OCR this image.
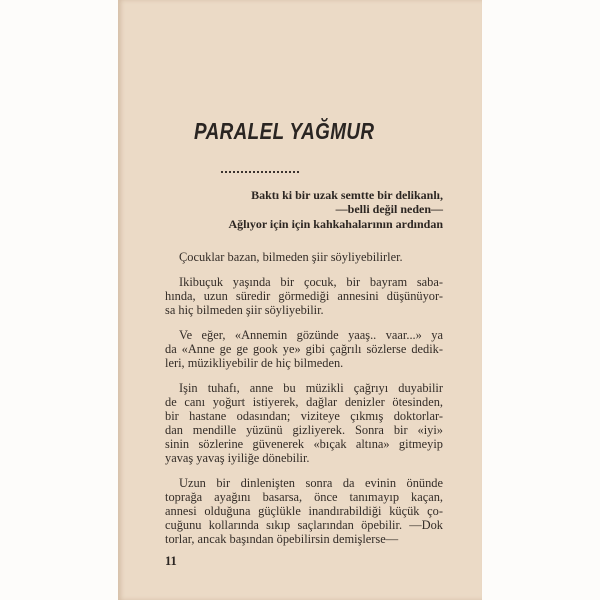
PARALEL YAĞMUR
Baktı ki bir uzak semtte bir delikanlı,
—belli değil neden—
Ağlıyor için için kahkahalarının ardından
Çocuklar bazan, bilmeden şiir söyliyebilirler.
Ikibuçuk yaşında bir çocuk, bir bayram saba-
hında, uzun süredir görmediği annesini düşünüyor-
sa hiç bilmeden şiir söyliyebilir.
Ve eğer, «Annemin gözünde yaaş.. vaar...» ya
da «Anne ge ge gook ye» gibi çağrılı sözlerse dedik-
leri, müzikliyebilir de hiç bilmeden.
Işin tuhafı, anne bu müzikli çağrıyı duyabilir
de canı yoğurt istiyerek, dağlar denizler ötesinden,
bir hastane odasından; viziteye çıkmış doktorlar-
dan mendille yüzünü gizliyerek. Sonra bir «iyi»
sinin sözlerine güvenerek «bıçak altına» gitmeyip
yavaş yavaş iyiliğe dönebilir.
Uzun bir dinlenişten sonra da evinin önünde
toprağa ayağını basarsa, önce tanımayıp kaçan,
annesi olduğuna güçlükle inandırabildiği küçük ço-
cuğunu kollarında sıkıp saçlarından öpebilir. —Dok
torlar, ancak başından öpebilirsin demişlerse—
11
